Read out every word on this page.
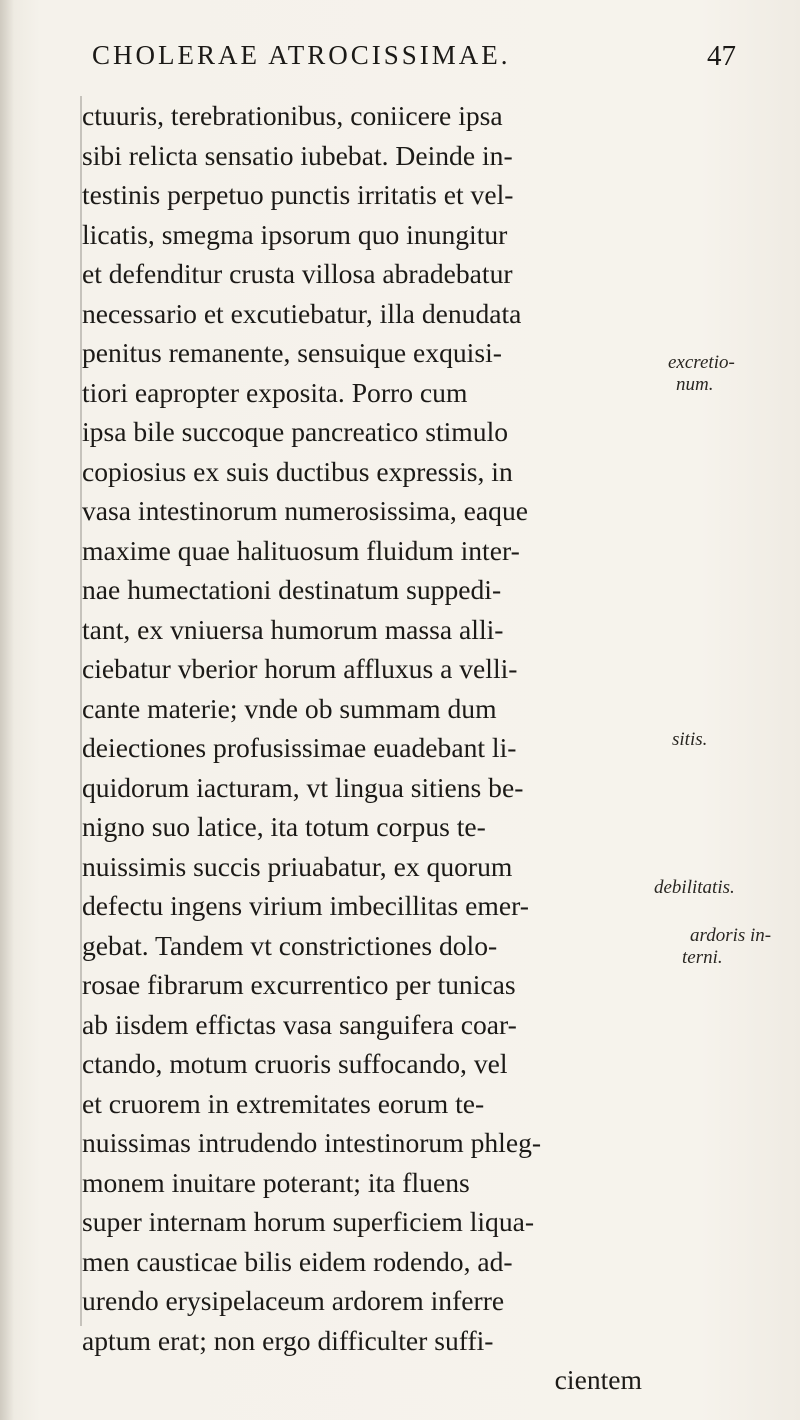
CHOLERAE ATROCISSIMAE.	47
ctuuris, terebrationibus, coniicere ipsa
sibi relicta sensatio iubebat. Deinde in-
testinis perpetuo punctis irritatis et vel-
licatis, smegma ipsorum quo inungitur
et defenditur crusta villosa abradebatur
necessario et excutiebatur, illa denudata
penitus remanente, sensuique exquisi-
tiori eapropter exposita. Porro cum
ipsa bile succoque pancreatico stimulo
copiosius ex suis ductibus expressis, in
vasa intestinorum numerosissima, eaque
maxime quae halituosum fluidum inter-
nae humectationi destinatum suppedi-
tant, ex vniuersa humorum massa alli-
ciebatur vberior horum affluxus a velli-
cante materie; vnde ob summam dum
deiectiones profusissimae euadebant li-
quidorum iacturam, vt lingua sitiens be-
nigno suo latice, ita totum corpus te-
nuissimis succis priuabatur, ex quorum
defectu ingens virium imbecillitas emer-
gebat. Tandem vt constrictiones dolo-
rosae fibrarum excurrentico per tunicas
ab iisdem effictas vasa sanguifera coar-
ctando, motum cruoris suffocando, vel
et cruorem in extremitates eorum te-
nuissimas intrudendo intestinorum phleg-
monem inuitare poterant; ita fluens
super internam horum superficiem liqua-
men causticae bilis eidem rodendo, ad-
urendo erysipelaceum ardorem inferre
aptum erat; non ergo difficulter suffi-
cientem
excretio-
num.
sitis.
debilitatis.
ardoris in-
terni.
